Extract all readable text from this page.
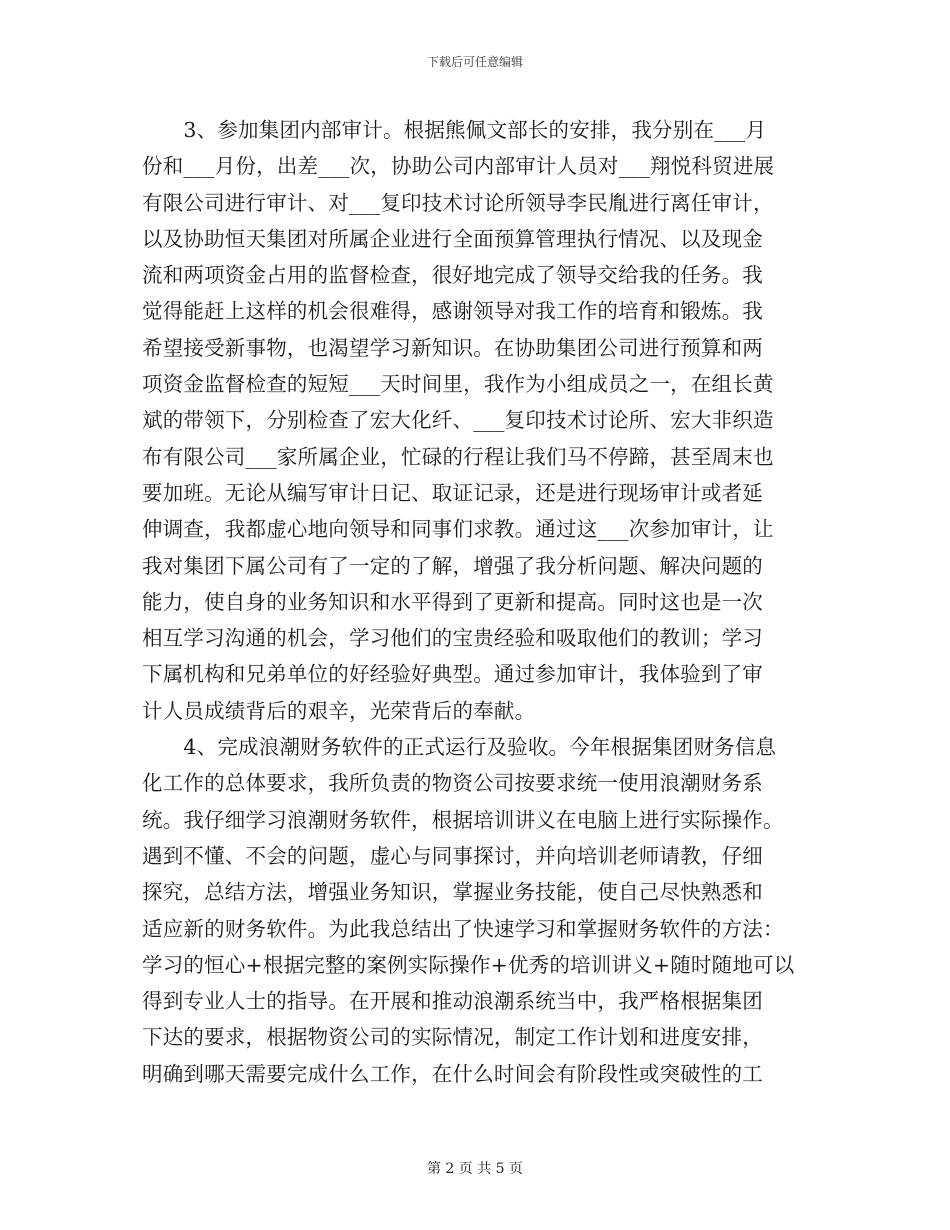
下载后可任意编辑
　　3、参加集团内部审计。根据熊佩文部长的安排，我分别在___月
份和___月份，出差___次，协助公司内部审计人员对___翔悦科贸进展
有限公司进行审计、对___复印技术讨论所领导李民胤进行离任审计，
以及协助恒天集团对所属企业进行全面预算管理执行情况、以及现金
流和两项资金占用的监督检查，很好地完成了领导交给我的任务。我
觉得能赶上这样的机会很难得，感谢领导对我工作的培育和锻炼。我
希望接受新事物，也渴望学习新知识。在协助集团公司进行预算和两
项资金监督检查的短短___天时间里，我作为小组成员之一，在组长黄
斌的带领下，分别检查了宏大化纤、___复印技术讨论所、宏大非织造
布有限公司___家所属企业，忙碌的行程让我们马不停蹄，甚至周末也
要加班。无论从编写审计日记、取证记录，还是进行现场审计或者延
伸调查，我都虚心地向领导和同事们求教。通过这___次参加审计，让
我对集团下属公司有了一定的了解，增强了我分析问题、解决问题的
能力，使自身的业务知识和水平得到了更新和提高。同时这也是一次
相互学习沟通的机会，学习他们的宝贵经验和吸取他们的教训；学习
下属机构和兄弟单位的好经验好典型。通过参加审计，我体验到了审
计人员成绩背后的艰辛，光荣背后的奉献。
　　4、完成浪潮财务软件的正式运行及验收。今年根据集团财务信息
化工作的总体要求，我所负责的物资公司按要求统一使用浪潮财务系
统。我仔细学习浪潮财务软件，根据培训讲义在电脑上进行实际操作。
遇到不懂、不会的问题，虚心与同事探讨，并向培训老师请教，仔细
探究，总结方法，增强业务知识，掌握业务技能，使自己尽快熟悉和
适应新的财务软件。为此我总结出了快速学习和掌握财务软件的方法：
学习的恒心+根据完整的案例实际操作+优秀的培训讲义+随时随地可以
得到专业人士的指导。在开展和推动浪潮系统当中，我严格根据集团
下达的要求，根据物资公司的实际情况，制定工作计划和进度安排，
明确到哪天需要完成什么工作，在什么时间会有阶段性或突破性的工
第 2 页 共 5 页
